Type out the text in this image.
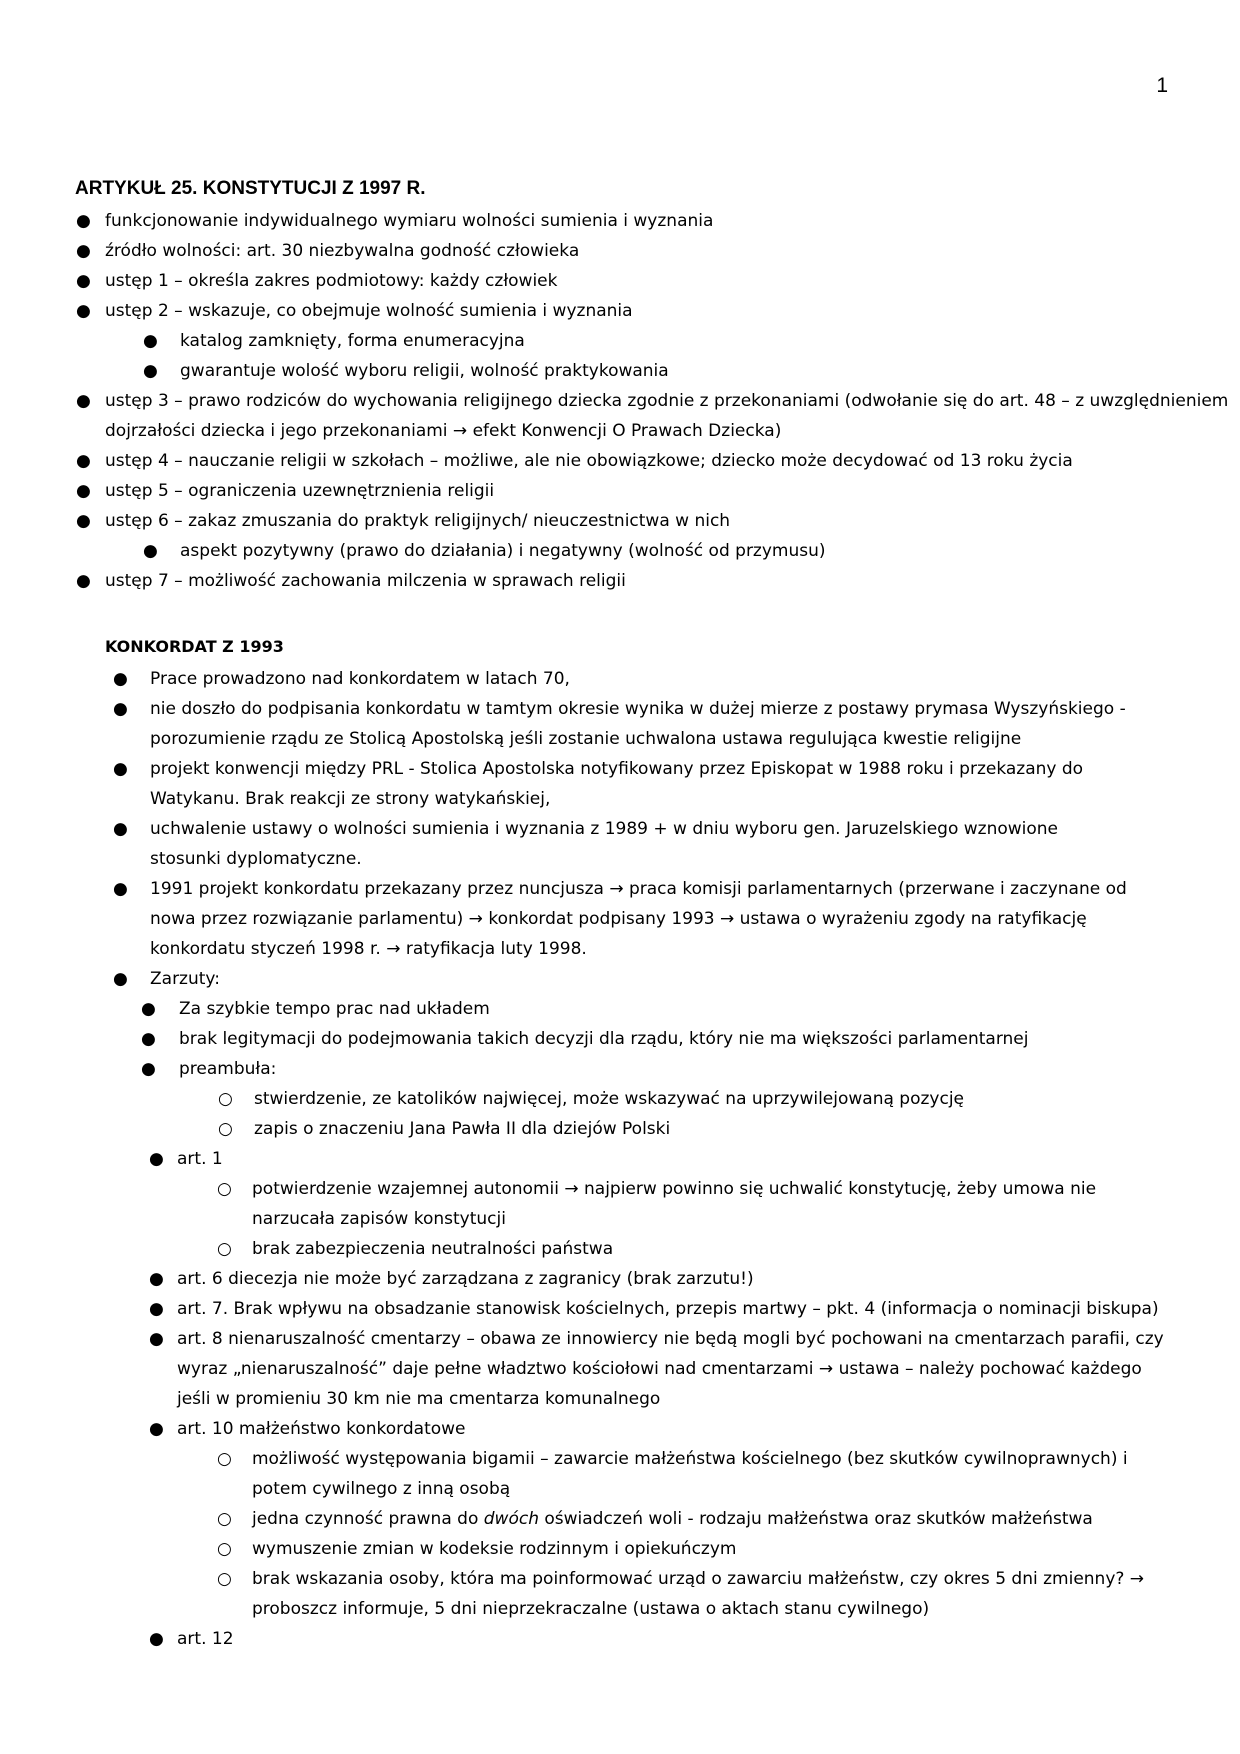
1
ARTYKUŁ 25. KONSTYTUCJI Z 1997 R.
● funkcjonowanie indywidualnego wymiaru wolności sumienia i wyznania
● źródło wolności: art. 30 niezbywalna godność człowieka
● ustęp 1 – określa zakres podmiotowy: każdy człowiek
● ustęp 2 – wskazuje, co obejmuje wolność sumienia i wyznania
● katalog zamknięty, forma enumeracyjna
● gwarantuje wolość wyboru religii, wolność praktykowania
● ustęp 3 – prawo rodziców do wychowania religijnego dziecka zgodnie z przekonaniami (odwołanie się do art. 48 – z uwzględnieniem dojrzałości dziecka i jego przekonaniami → efekt Konwencji O Prawach Dziecka)
● ustęp 4 – nauczanie religii w szkołach – możliwe, ale nie obowiązkowe; dziecko może decydować od 13 roku życia
● ustęp 5 – ograniczenia uzewnętrznienia religii
● ustęp 6 – zakaz zmuszania do praktyk religijnych/ nieuczestnictwa w nich
● aspekt pozytywny (prawo do działania) i negatywny (wolność od przymusu)
● ustęp 7 – możliwość zachowania milczenia w sprawach religii
KONKORDAT Z 1993
● Prace prowadzono nad konkordatem w latach 70,
● nie doszło do podpisania konkordatu w tamtym okresie wynika w dużej mierze z postawy prymasa Wyszyńskiego - porozumienie rządu ze Stolicą Apostolską jeśli zostanie uchwalona ustawa regulująca kwestie religijne
● projekt konwencji między PRL - Stolica Apostolska notyfikowany przez Episkopat w 1988 roku i przekazany do Watykanu. Brak reakcji ze strony watykańskiej,
● uchwalenie ustawy o wolności sumienia i wyznania z 1989 + w dniu wyboru gen. Jaruzelskiego wznowione stosunki dyplomatyczne.
● 1991 projekt konkordatu przekazany przez nuncjusza → praca komisji parlamentarnych (przerwane i zaczynane od nowa przez rozwiązanie parlamentu) → konkordat podpisany 1993 → ustawa o wyrażeniu zgody na ratyfikację konkordatu styczeń 1998 r. → ratyfikacja luty 1998.
● Zarzuty:
● Za szybkie tempo prac nad układem
● brak legitymacji do podejmowania takich decyzji dla rządu, który nie ma większości parlamentarnej
● preambuła:
○ stwierdzenie, ze katolików najwięcej, może wskazywać na uprzywilejowaną pozycję
○ zapis o znaczeniu Jana Pawła II dla dziejów Polski
● art. 1
○ potwierdzenie wzajemnej autonomii → najpierw powinno się uchwalić konstytucję, żeby umowa nie narzucała zapisów konstytucji
○ brak zabezpieczenia neutralności państwa
● art. 6 diecezja nie może być zarządzana z zagranicy (brak zarzutu!)
● art. 7. Brak wpływu na obsadzanie stanowisk kościelnych, przepis martwy – pkt. 4 (informacja o nominacji biskupa)
● art. 8 nienaruszalność cmentarzy – obawa ze innowiercy nie będą mogli być pochowani na cmentarzach parafii, czy wyraz „nienaruszalność” daje pełne władztwo kościołowi nad cmentarzami → ustawa – należy pochować każdego jeśli w promieniu 30 km nie ma cmentarza komunalnego
● art. 10 małżeństwo konkordatowe
○ możliwość występowania bigamii – zawarcie małżeństwa kościelnego (bez skutków cywilnoprawnych) i potem cywilnego z inną osobą
○ jedna czynność prawna do dwóch oświadczeń woli - rodzaju małżeństwa oraz skutków małżeństwa
○ wymuszenie zmian w kodeksie rodzinnym i opiekuńczym
○ brak wskazania osoby, która ma poinformować urząd o zawarciu małżeństw, czy okres 5 dni zmienny? → proboszcz informuje, 5 dni nieprzekraczalne (ustawa o aktach stanu cywilnego)
● art. 12
